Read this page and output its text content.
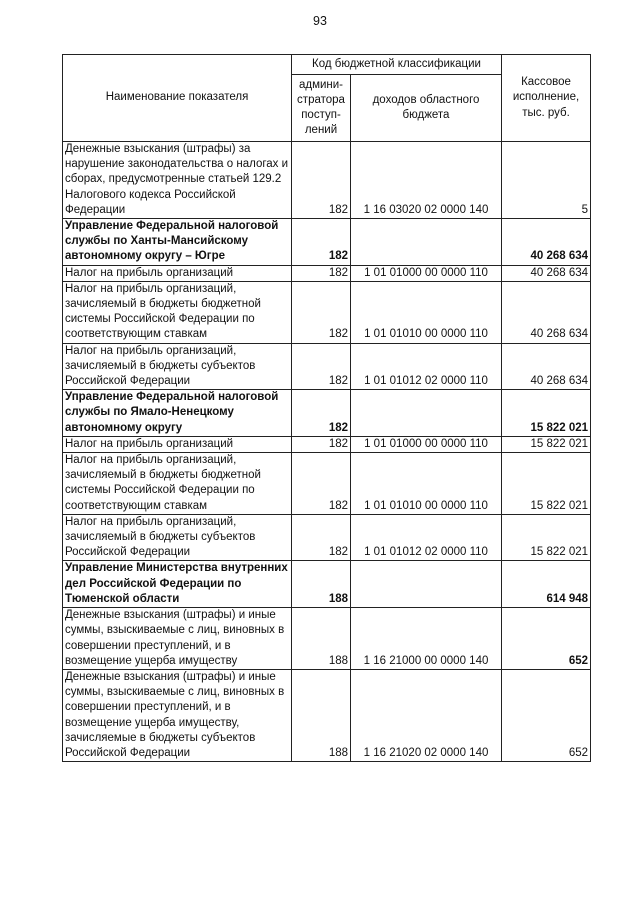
93
Наименование показателя	Код бюджетной классификации		Кассовое исполнение, тыс. руб.
	админи-стратора поступ-лений	доходов областного бюджета	
Денежные взыскания (штрафы) за нарушение законодательства о налогах и сборах, предусмотренные статьей 129.2 Налогового кодекса Российской Федерации	182	1 16 03020 02 0000 140	5
Управление Федеральной налоговой службы по Ханты-Мансийскому автономному округу – Югре	182		40 268 634
Налог на прибыль организаций	182	1 01 01000 00 0000 110	40 268 634
Налог на прибыль организаций, зачисляемый в бюджеты бюджетной системы Российской Федерации по соответствующим ставкам	182	1 01 01010 00 0000 110	40 268 634
Налог на прибыль организаций, зачисляемый в бюджеты субъектов Российской Федерации	182	1 01 01012 02 0000 110	40 268 634
Управление Федеральной налоговой службы по Ямало-Ненецкому автономному округу	182		15 822 021
Налог на прибыль организаций	182	1 01 01000 00 0000 110	15 822 021
Налог на прибыль организаций, зачисляемый в бюджеты бюджетной системы Российской Федерации по соответствующим ставкам	182	1 01 01010 00 0000 110	15 822 021
Налог на прибыль организаций, зачисляемый в бюджеты субъектов Российской Федерации	182	1 01 01012 02 0000 110	15 822 021
Управление Министерства внутренних дел Российской Федерации по Тюменской области	188		614 948
Денежные взыскания (штрафы) и иные суммы, взыскиваемые с лиц, виновных в совершении преступлений, и в возмещение ущерба имуществу	188	1 16 21000 00 0000 140	652
Денежные взыскания (штрафы) и иные суммы, взыскиваемые с лиц, виновных в совершении преступлений, и в возмещение ущерба имуществу, зачисляемые в бюджеты субъектов Российской Федерации	188	1 16 21020 02 0000 140	652
